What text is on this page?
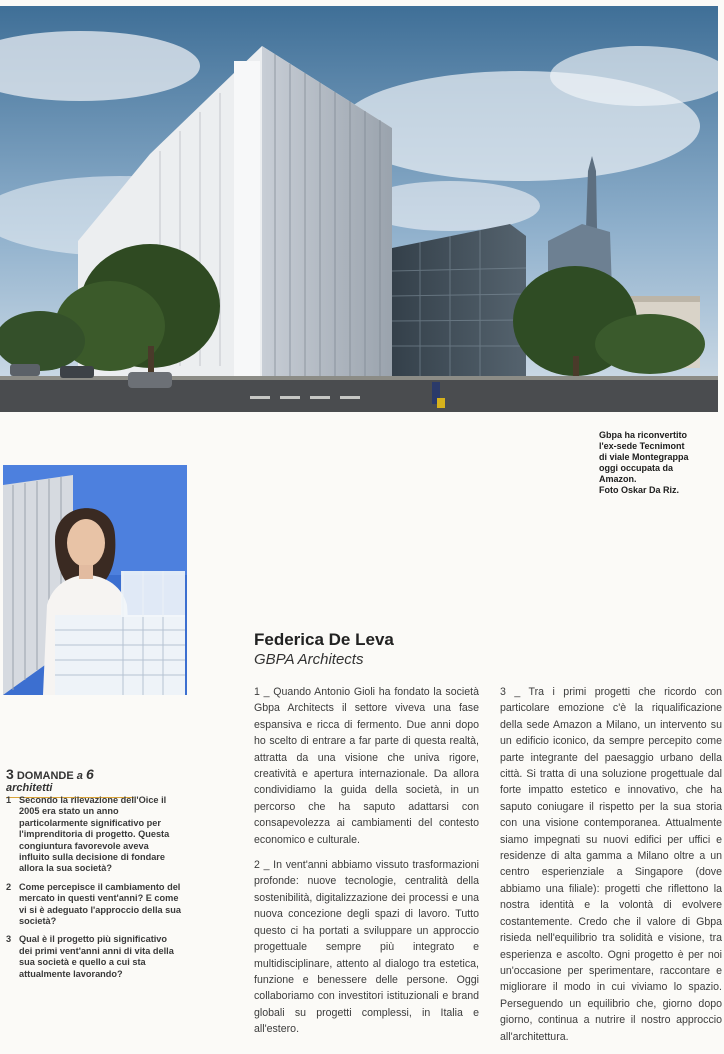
Gbpa ha riconvertito
l'ex-sede Tecnimont
di viale Montegrappa
oggi occupata da
Amazon.
Foto Oskar Da Riz.
Federica De Leva
GBPA Architects
3 DOMANDE a 6 architetti
1 Secondo la rilevazione dell'Oice il 2005 era stato un anno particolarmente significativo per l'imprenditoria di progetto. Questa congiuntura favorevole aveva influito sulla decisione di fondare allora la sua società?
2 Come percepisce il cambiamento del mercato in questi vent'anni? E come vi si è adeguato l'approccio della sua società?
3 Qual è il progetto più significativo dei primi vent'anni anni di vita della sua società e quello a cui sta attualmente lavorando?

1 _ Quando Antonio Gioli ha fondato la società Gbpa Architects il settore viveva una fase espansiva e ricca di fermento. Due anni dopo ho scelto di entrare a far parte di questa realtà, attratta da una visione che univa rigore, creatività e apertura internazionale. Da allora condividiamo la guida della società, in un percorso che ha saputo adattarsi con consapevolezza ai cambiamenti del contesto economico e culturale.

2 _ In vent'anni abbiamo vissuto trasformazioni profonde: nuove tecnologie, centralità della sostenibilità, digitalizzazione dei processi e una nuova concezione degli spazi di lavoro. Tutto questo ci ha portati a sviluppare un approccio progettuale sempre più integrato e multidisciplinare, attento al dialogo tra estetica, funzione e benessere delle persone. Oggi collaboriamo con investitori istituzionali e brand globali su progetti complessi, in Italia e all'estero.

3 _ Tra i primi progetti che ricordo con particolare emozione c'è la riqualificazione della sede Amazon a Milano, un intervento su un edificio iconico, da sempre percepito come parte integrante del paesaggio urbano della città. Si tratta di una soluzione progettuale dal forte impatto estetico e innovativo, che ha saputo coniugare il rispetto per la sua storia con una visione contemporanea. Attualmente siamo impegnati su nuovi edifici per uffici e residenze di alta gamma a Milano oltre a un centro esperienziale a Singapore (dove abbiamo una filiale): progetti che riflettono la nostra identità e la volontà di evolvere costantemente. Credo che il valore di Gbpa risieda nell'equilibrio tra solidità e visione, tra esperienza e ascolto. Ogni progetto è per noi un'occasione per sperimentare, raccontare e migliorare il modo in cui viviamo lo spazio. Perseguendo un equilibrio che, giorno dopo giorno, continua a nutrire il nostro approccio all'architettura.
